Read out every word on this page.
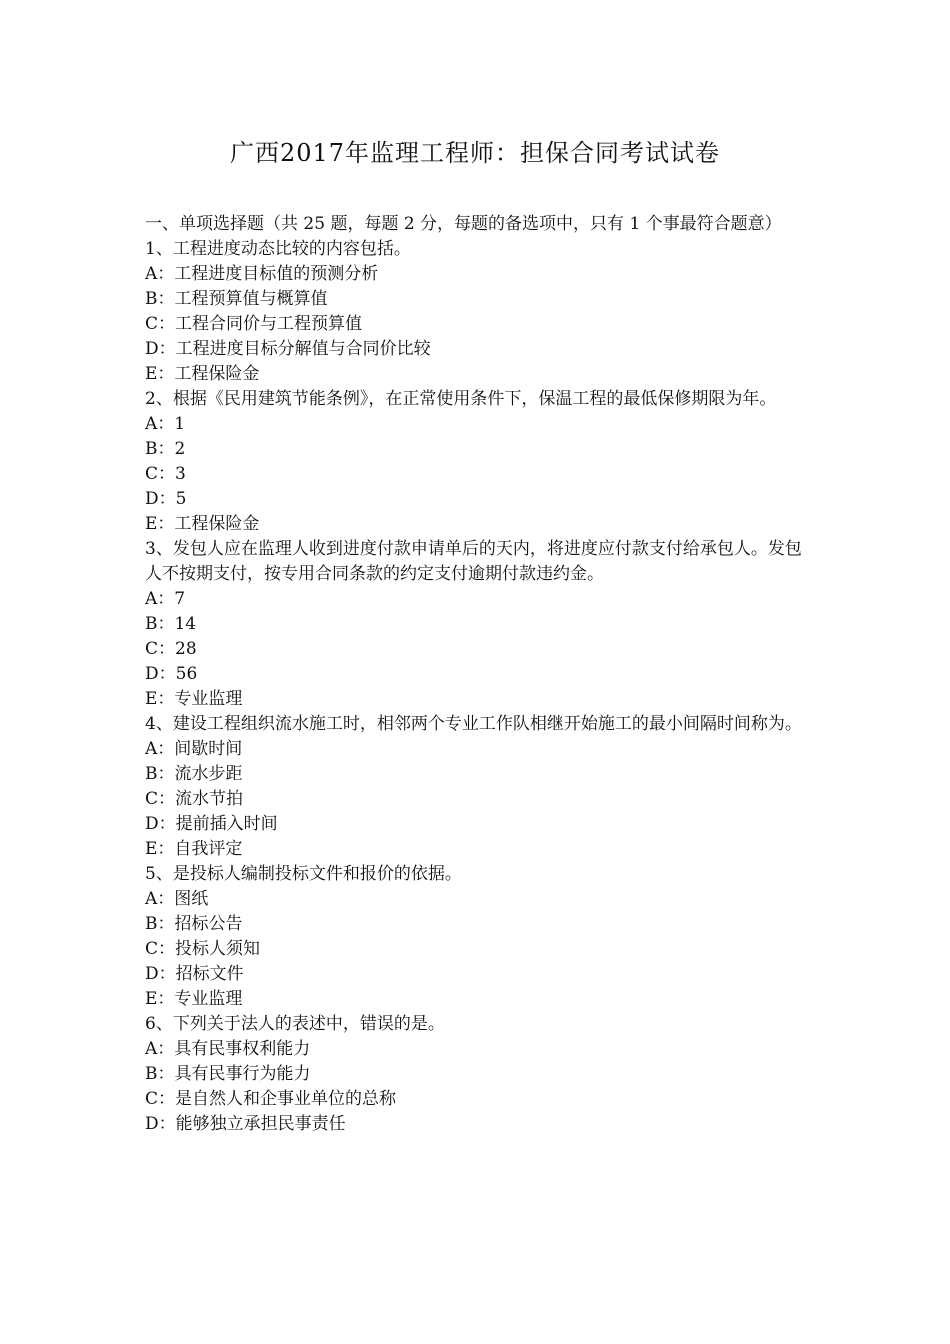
广西2017年监理工程师：担保合同考试试卷
一、单项选择题（共 25 题，每题 2 分，每题的备选项中，只有 1 个事最符合题意）
1、工程进度动态比较的内容包括。
A：工程进度目标值的预测分析
B：工程预算值与概算值
C：工程合同价与工程预算值
D：工程进度目标分解值与合同价比较
E：工程保险金
2、根据《民用建筑节能条例》，在正常使用条件下，保温工程的最低保修期限为年。
A：1
B：2
C：3
D：5
E：工程保险金
3、发包人应在监理人收到进度付款申请单后的天内，将进度应付款支付给承包人。发包人不按期支付，按专用合同条款的约定支付逾期付款违约金。
A：7
B：14
C：28
D：56
E：专业监理
4、建设工程组织流水施工时，相邻两个专业工作队相继开始施工的最小间隔时间称为。
A：间歇时间
B：流水步距
C：流水节拍
D：提前插入时间
E：自我评定
5、是投标人编制投标文件和报价的依据。
A：图纸
B：招标公告
C：投标人须知
D：招标文件
E：专业监理
6、下列关于法人的表述中，错误的是。
A：具有民事权利能力
B：具有民事行为能力
C：是自然人和企事业单位的总称
D：能够独立承担民事责任
